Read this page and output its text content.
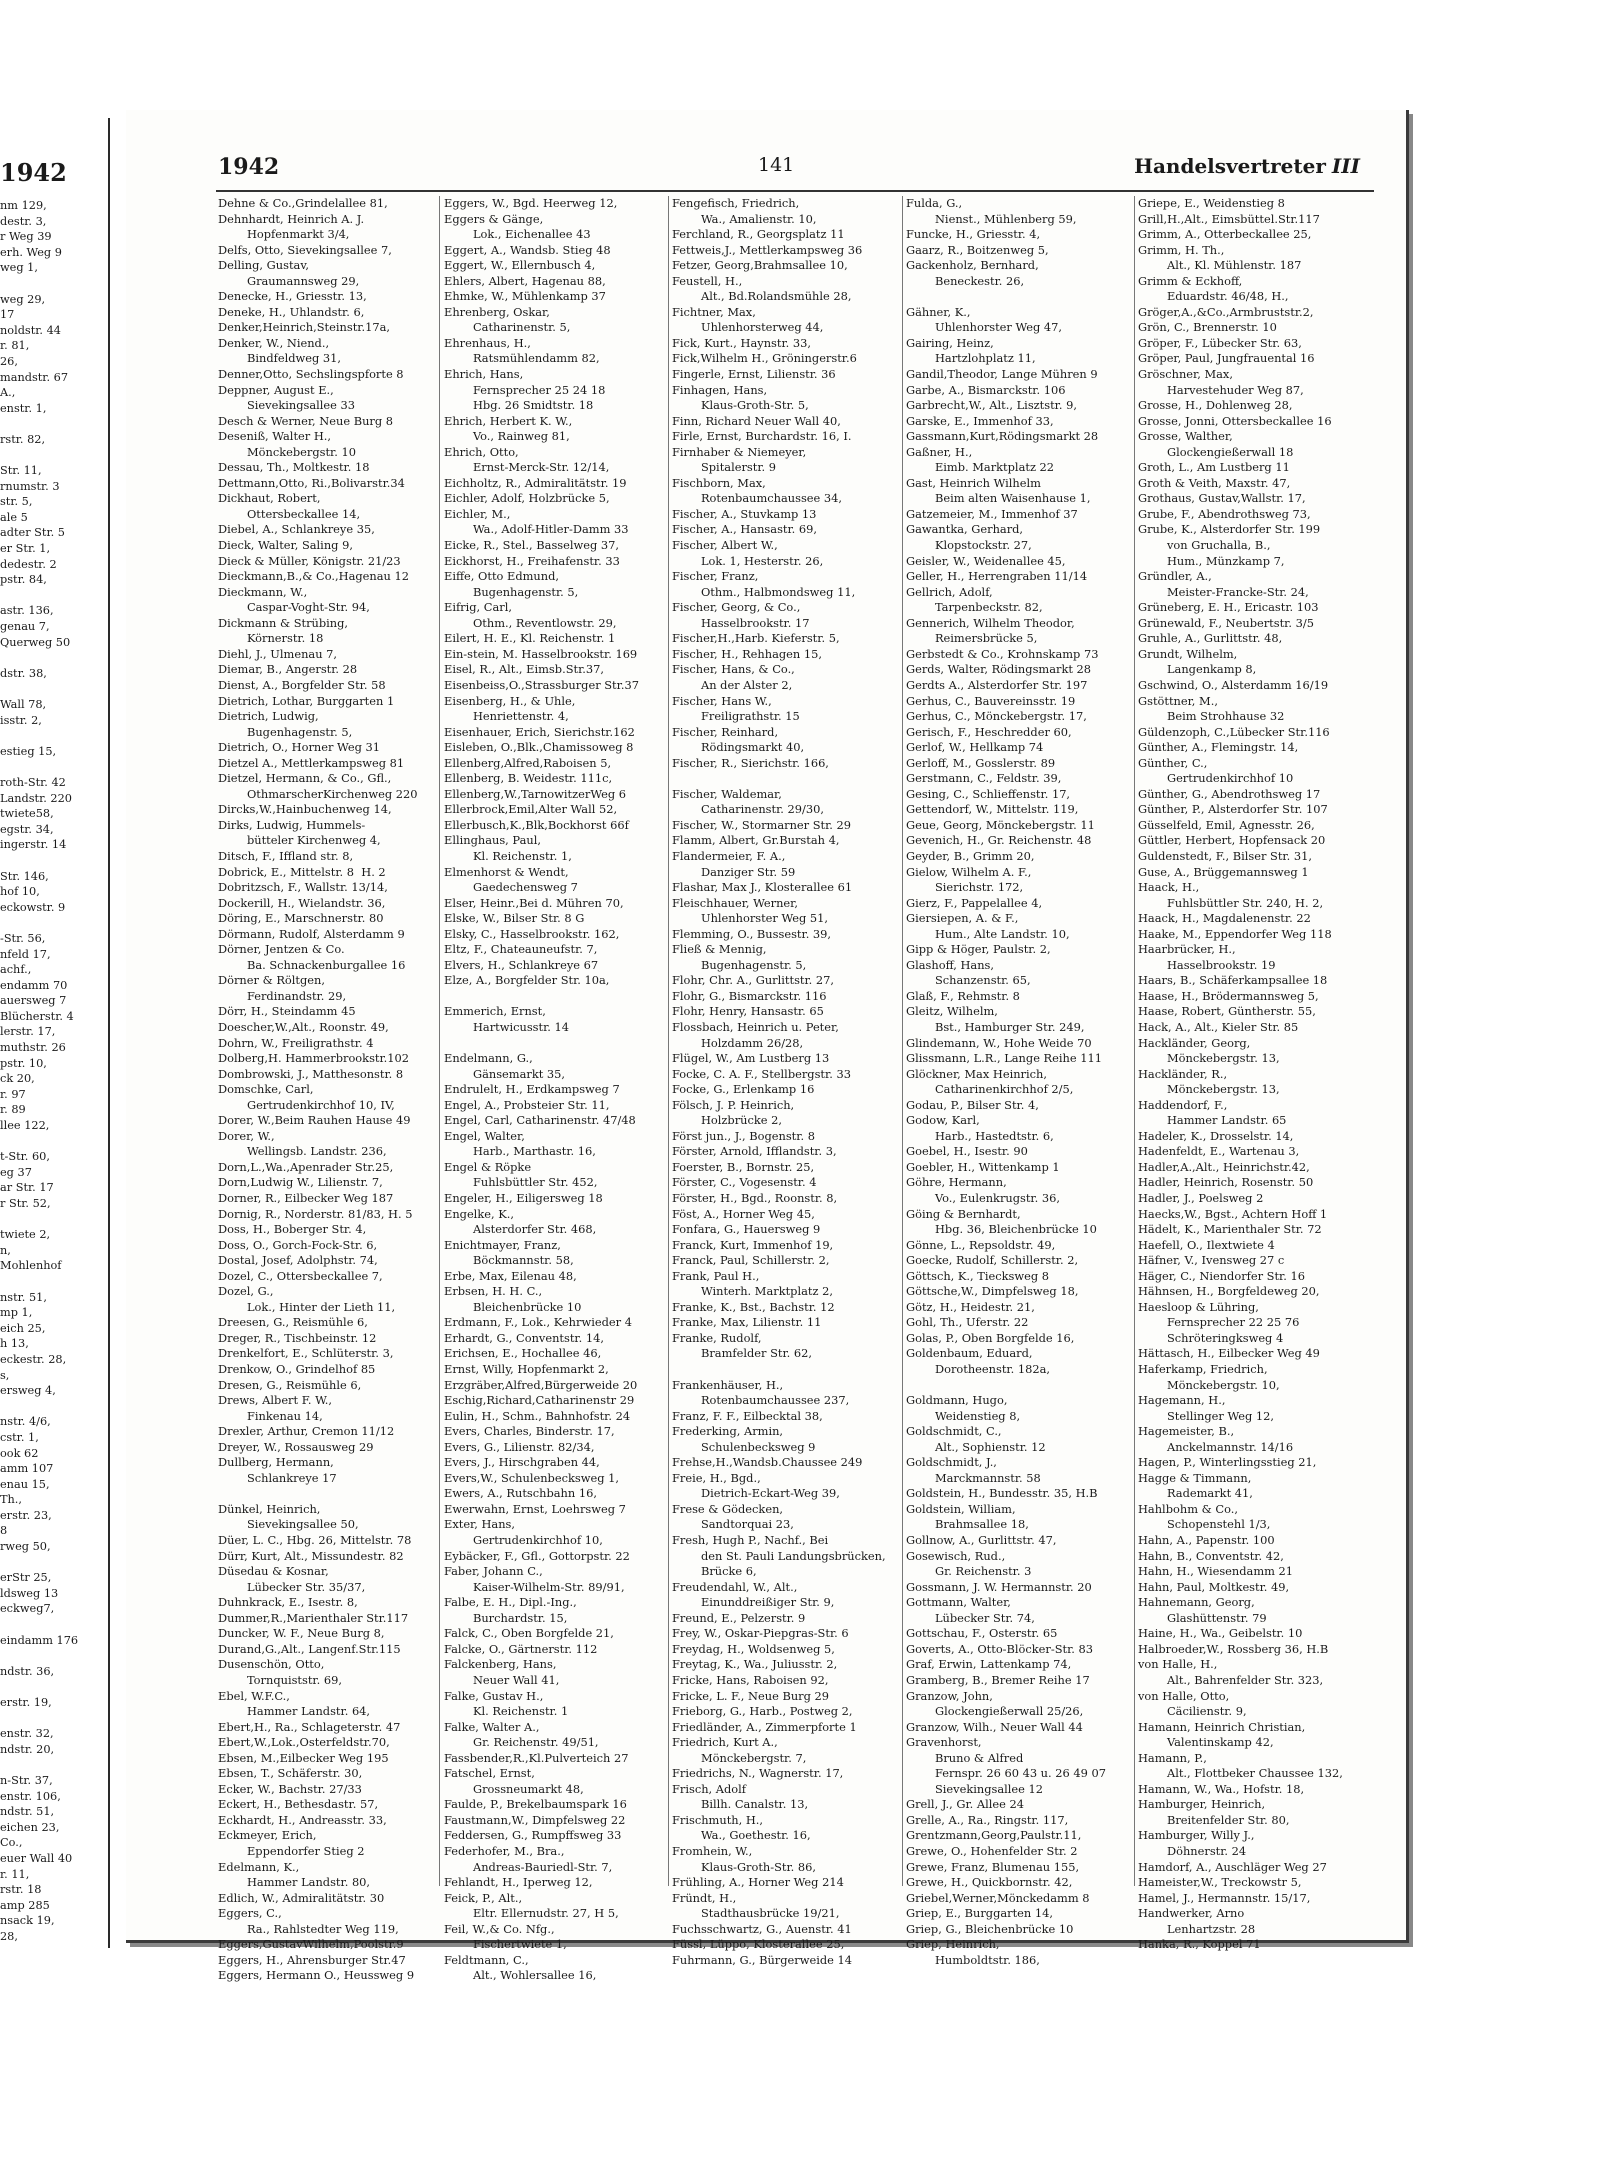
1942
nm 129,
destr. 3,
r Weg 39
erh. Weg 9
weg 1,

weg 29,
17
noldstr. 44
r. 81,
26,
mandstr. 67
A.,
enstr. 1,

rstr. 82,

Str. 11,
rnumstr. 3
str. 5,
ale 5
adter Str. 5
er Str. 1,
dedestr. 2
pstr. 84,

astr. 136,
genau 7,
Querweg 50

dstr. 38,

Wall 78,
isstr. 2,

estieg 15,

roth-Str. 42
Landstr. 220
twiete58,
egstr. 34,
ingerstr. 14

Str. 146,
hof 10,
eckowstr. 9

-Str. 56,
nfeld 17,
achf.,
endamm 70
auersweg 7
Blücherstr. 4
lerstr. 17,
muthstr. 26
pstr. 10,
ck 20,
r. 97
r. 89
llee 122,

t-Str. 60,
eg 37
ar Str. 17
r Str. 52,

twiete 2,
n,
Mohlenhof

nstr. 51,
mp 1,
eich 25,
h 13,
eckestr. 28,
s,
ersweg 4,

nstr. 4/6,
cstr. 1,
ook 62
amm 107
enau 15,
Th.,
erstr. 23,
8
rweg 50,

erStr 25,
ldsweg 13
eckweg7,

eindamm 176

ndstr. 36,

erstr. 19,

enstr. 32,
ndstr. 20,

n-Str. 37,
enstr. 106,
ndstr. 51,
eichen 23,
Co.,
euer Wall 40
r. 11,
rstr. 18
amp 285
nsack 19,
28,
1942	141	Handelsvertreter III
Dehne & Co.,Grindelallee 81,
Dehnhardt, Heinrich A. J.
Hopfenmarkt 3/4,
Delfs, Otto, Sievekingsallee 7,
Delling, Gustav,
Graumannsweg 29,
Denecke, H., Griesstr. 13,
Deneke, H., Uhlandstr. 6,
Denker,Heinrich,Steinstr.17a,
Denker, W., Niend.,
Bindfeldweg 31,
Denner,Otto, Sechslingspforte 8
Deppner, August E.,
Sievekingsallee 33
Desch & Werner, Neue Burg 8
Deseniß, Walter H.,
Mönckebergstr. 10
Dessau, Th., Moltkestr. 18
Dettmann,Otto, Ri.,Bolivarstr.34
Dickhaut, Robert,
Ottersbeckallee 14,
Diebel, A., Schlankreye 35,
Dieck, Walter, Saling 9,
Dieck & Müller, Königstr. 21/23
Dieckmann,B.,& Co.,Hagenau 12
Dieckmann, W.,
Caspar-Voght-Str. 94,
Dickmann & Strübing,
Körnerstr. 18
Diehl, J., Ulmenau 7,
Diemar, B., Angerstr. 28
Dienst, A., Borgfelder Str. 58
Dietrich, Lothar, Burggarten 1
Dietrich, Ludwig,
Bugenhagenstr. 5,
Dietrich, O., Horner Weg 31
Dietzel A., Mettlerkampsweg 81
Dietzel, Hermann, & Co., Gfl.,
OthmarscherKirchenweg 220
Dircks,W.,Hainbuchenweg 14,
Dirks, Ludwig, Hummels-
bütteler Kirchenweg 4,
Ditsch, F., Iffland str. 8,
Dobrick, E., Mittelstr. 8  H. 2
Dobritzsch, F., Wallstr. 13/14,
Dockerill, H., Wielandstr. 36,
Döring, E., Marschnerstr. 80
Dörmann, Rudolf, Alsterdamm 9
Dörner, Jentzen & Co.
Ba. Schnackenburgallee 16
Dörner & Röltgen,
Ferdinandstr. 29,
Dörr, H., Steindamm 45
Doescher,W.,Alt., Roonstr. 49,
Dohrn, W., Freiligrathstr. 4
Dolberg,H. Hammerbrookstr.102
Dombrowski, J., Matthesonstr. 8
Domschke, Carl,
Gertrudenkirchhof 10, IV,
Dorer, W.,Beim Rauhen Hause 49
Dorer, W.,
Wellingsb. Landstr. 236,
Dorn,L.,Wa.,Apenrader Str.25,
Dorn,Ludwig W., Lilienstr. 7,
Dorner, R., Eilbecker Weg 187
Dornig, R., Norderstr. 81/83, H. 5
Doss, H., Boberger Str. 4,
Doss, O., Gorch-Fock-Str. 6,
Dostal, Josef, Adolphstr. 74,
Dozel, C., Ottersbeckallee 7,
Dozel, G.,
Lok., Hinter der Lieth 11,
Dreesen, G., Reismühle 6,
Dreger, R., Tischbeinstr. 12
Drenkelfort, E., Schlüterstr. 3,
Drenkow, O., Grindelhof 85
Dresen, G., Reismühle 6,
Drews, Albert F. W.,
Finkenau 14,
Drexler, Arthur, Cremon 11/12
Dreyer, W., Rossausweg 29
Dullberg, Hermann,
Schlankreye 17

Dünkel, Heinrich,
Sievekingsallee 50,
Düer, L. C., Hbg. 26, Mittelstr. 78
Dürr, Kurt, Alt., Missundestr. 82
Düsedau & Kosnar,
Lübecker Str. 35/37,
Duhnkrack, E., Isestr. 8,
Dummer,R.,Marienthaler Str.117
Duncker, W. F., Neue Burg 8,
Durand,G.,Alt., Langenf.Str.115
Dusenschön, Otto,
Tornquiststr. 69,
Ebel, W.F.C.,
Hammer Landstr. 64,
Ebert,H., Ra., Schlageterstr. 47
Ebert,W.,Lok.,Osterfeldstr.70,
Ebsen, M.,Eilbecker Weg 195
Ebsen, T., Schäferstr. 30,
Ecker, W., Bachstr. 27/33
Eckert, H., Bethesdastr. 57,
Eckhardt, H., Andreasstr. 33,
Eckmeyer, Erich,
Eppendorfer Stieg 2
Edelmann, K.,
Hammer Landstr. 80,
Edlich, W., Admiralitätstr. 30
Eggers, C.,
Ra., Rahlstedter Weg 119,
Eggers,GustavWilhelm,Poolstr.9
Eggers, H., Ahrensburger Str.47
Eggers, Hermann O., Heussweg 9
Eggers, W., Bgd. Heerweg 12,
Eggers & Gänge,
Lok., Eichenallee 43
Eggert, A., Wandsb. Stieg 48
Eggert, W., Ellernbusch 4,
Ehlers, Albert, Hagenau 88,
Ehmke, W., Mühlenkamp 37
Ehrenberg, Oskar,
Catharinenstr. 5,
Ehrenhaus, H.,
Ratsmühlendamm 82,
Ehrich, Hans,
Fernsprecher 25 24 18
Hbg. 26 Smidtstr. 18
Ehrich, Herbert K. W.,
Vo., Rainweg 81,
Ehrich, Otto,
Ernst-Merck-Str. 12/14,
Eichholtz, R., Admiralitätstr. 19
Eichler, Adolf, Holzbrücke 5,
Eichler, M.,
Wa., Adolf-Hitler-Damm 33
Eicke, R., Stel., Basselweg 37,
Eickhorst, H., Freihafenstr. 33
Eiffe, Otto Edmund,
Bugenhagenstr. 5,
Eifrig, Carl,
Othm., Reventlowstr. 29,
Eilert, H. E., Kl. Reichenstr. 1
Ein-stein, M. Hasselbrookstr. 169
Eisel, R., Alt., Eimsb.Str.37,
Eisenbeiss,O.,Strassburger Str.37
Eisenberg, H., & Uhle,
Henriettenstr. 4,
Eisenhauer, Erich, Sierichstr.162
Eisleben, O.,Blk.,Chamissoweg 8
Ellenberg,Alfred,Raboisen 5,
Ellenberg, B. Weidestr. 111c,
Ellenberg,W.,TarnowitzerWeg 6
Ellerbrock,Emil,Alter Wall 52,
Ellerbusch,K.,Blk,Bockhorst 66f
Ellinghaus, Paul,
Kl. Reichenstr. 1,
Elmenhorst & Wendt,
Gaedechensweg 7
Elser, Heinr.,Bei d. Mühren 70,
Elske, W., Bilser Str. 8 G
Elsky, C., Hasselbrookstr. 162,
Eltz, F., Chateauneufstr. 7,
Elvers, H., Schlankreye 67
Elze, A., Borgfelder Str. 10a,

Emmerich, Ernst,
Hartwicusstr. 14

Endelmann, G.,
Gänsemarkt 35,
Endrulelt, H., Erdkampsweg 7
Engel, A., Probsteier Str. 11,
Engel, Carl, Catharinenstr. 47/48
Engel, Walter,
Harb., Marthastr. 16,
Engel & Röpke
Fuhlsbüttler Str. 452,
Engeler, H., Eiligersweg 18
Engelke, K.,
Alsterdorfer Str. 468,
Enichtmayer, Franz,
Böckmannstr. 58,
Erbe, Max, Eilenau 48,
Erbsen, H. H. C.,
Bleichenbrücke 10
Erdmann, F., Lok., Kehrwieder 4
Erhardt, G., Conventstr. 14,
Erichsen, E., Hochallee 46,
Ernst, Willy, Hopfenmarkt 2,
Erzgräber,Alfred,Bürgerweide 20
Eschig,Richard,Catharinenstr 29
Eulin, H., Schm., Bahnhofstr. 24
Evers, Charles, Binderstr. 17,
Evers, G., Lilienstr. 82/34,
Evers, J., Hirschgraben 44,
Evers,W., Schulenbecksweg 1,
Ewers, A., Rutschbahn 16,
Ewerwahn, Ernst, Loehrsweg 7
Exter, Hans,
Gertrudenkirchhof 10,
Eybäcker, F., Gfl., Gottorpstr. 22
Faber, Johann C.,
Kaiser-Wilhelm-Str. 89/91,
Falbe, E. H., Dipl.-Ing.,
Burchardstr. 15,
Falck, C., Oben Borgfelde 21,
Falcke, O., Gärtnerstr. 112
Falckenberg, Hans,
Neuer Wall 41,
Falke, Gustav H.,
Kl. Reichenstr. 1
Falke, Walter A.,
Gr. Reichenstr. 49/51,
Fassbender,R.,Kl.Pulverteich 27
Fatschel, Ernst,
Grossneumarkt 48,
Faulde, P., Brekelbaumspark 16
Faustmann,W., Dimpfelsweg 22
Feddersen, G., Rumpffsweg 33
Federhofer, M., Bra.,
Andreas-Bauriedl-Str. 7,
Fehlandt, H., Iperweg 12,
Feick, P., Alt.,
Eltr. Ellernudstr. 27, H 5,
Feil, W.,& Co. Nfg.,
Fischertwiete 1,
Feldtmann, C.,
Alt., Wohlersallee 16,
Fengefisch, Friedrich,
Wa., Amalienstr. 10,
Ferchland, R., Georgsplatz 11
Fettweis,J., Mettlerkampsweg 36
Fetzer, Georg,Brahmsallee 10,
Feustell, H.,
Alt., Bd.Rolandsmühle 28,
Fichtner, Max,
Uhlenhorsterweg 44,
Fick, Kurt., Haynstr. 33,
Fick,Wilhelm H., Gröningerstr.6
Fingerle, Ernst, Lilienstr. 36
Finhagen, Hans,
Klaus-Groth-Str. 5,
Finn, Richard Neuer Wall 40,
Firle, Ernst, Burchardstr. 16, I.
Firnhaber & Niemeyer,
Spitalerstr. 9
Fischborn, Max,
Rotenbaumchaussee 34,
Fischer, A., Stuvkamp 13
Fischer, A., Hansastr. 69,
Fischer, Albert W.,
Lok. 1, Hesterstr. 26,
Fischer, Franz,
Othm., Halbmondsweg 11,
Fischer, Georg, & Co.,
Hasselbrookstr. 17
Fischer,H.,Harb. Kieferstr. 5,
Fischer, H., Rehhagen 15,
Fischer, Hans, & Co.,
An der Alster 2,
Fischer, Hans W.,
Freiligrathstr. 15
Fischer, Reinhard,
Rödingsmarkt 40,
Fischer, R., Sierichstr. 166,

Fischer, Waldemar,
Catharinenstr. 29/30,
Fischer, W., Stormarner Str. 29
Flamm, Albert, Gr.Burstah 4,
Flandermeier, F. A.,
Danziger Str. 59
Flashar, Max J., Klosterallee 61
Fleischhauer, Werner,
Uhlenhorster Weg 51,
Flemming, O., Bussestr. 39,
Fließ & Mennig,
Bugenhagenstr. 5,
Flohr, Chr. A., Gurlittstr. 27,
Flohr, G., Bismarckstr. 116
Flohr, Henry, Hansastr. 65
Flossbach, Heinrich u. Peter,
Holzdamm 26/28,
Flügel, W., Am Lustberg 13
Focke, C. A. F., Stellbergstr. 33
Focke, G., Erlenkamp 16
Fölsch, J. P. Heinrich,
Holzbrücke 2,
Först jun., J., Bogenstr. 8
Förster, Arnold, Ifflandstr. 3,
Foerster, B., Bornstr. 25,
Förster, C., Vogesenstr. 4
Förster, H., Bgd., Roonstr. 8,
Föst, A., Horner Weg 45,
Fonfara, G., Hauersweg 9
Franck, Kurt, Immenhof 19,
Franck, Paul, Schillerstr. 2,
Frank, Paul H.,
Winterh. Marktplatz 2,
Franke, K., Bst., Bachstr. 12
Franke, Max, Lilienstr. 11
Franke, Rudolf,
Bramfelder Str. 62,

Frankenhäuser, H.,
Rotenbaumchaussee 237,
Franz, F. F., Eilbecktal 38,
Frederking, Armin,
Schulenbecksweg 9
Frehse,H.,Wandsb.Chaussee 249
Freie, H., Bgd.,
Dietrich-Eckart-Weg 39,
Frese & Gödecken,
Sandtorquai 23,
Fresh, Hugh P., Nachf., Bei
den St. Pauli Landungsbrücken,
Brücke 6,
Freudendahl, W., Alt.,
Einunddreißiger Str. 9,
Freund, E., Pelzerstr. 9
Frey, W., Oskar-Piepgras-Str. 6
Freydag, H., Woldsenweg 5,
Freytag, K., Wa., Juliusstr. 2,
Fricke, Hans, Raboisen 92,
Fricke, L. F., Neue Burg 29
Frieborg, G., Harb., Postweg 2,
Friedländer, A., Zimmerpforte 1
Friedrich, Kurt A.,
Mönckebergstr. 7,
Friedrichs, N., Wagnerstr. 17,
Frisch, Adolf
Billh. Canalstr. 13,
Frischmuth, H.,
Wa., Goethestr. 16,
Fromhein, W.,
Klaus-Groth-Str. 86,
Frühling, A., Horner Weg 214
Fründt, H.,
Stadthausbrücke 19/21,
Fuchsschwartz, G., Auenstr. 41
Füssl, Lüppo, Klosterallee 25,
Fuhrmann, G., Bürgerweide 14
Fulda, G.,
Nienst., Mühlenberg 59,
Funcke, H., Griesstr. 4,
Gaarz, R., Boitzenweg 5,
Gackenholz, Bernhard,
Beneckestr. 26,

Gähner, K.,
Uhlenhorster Weg 47,
Gairing, Heinz,
Hartzlohplatz 11,
Gandil,Theodor, Lange Mühren 9
Garbe, A., Bismarckstr. 106
Garbrecht,W., Alt., Lisztstr. 9,
Garske, E., Immenhof 33,
Gassmann,Kurt,Rödingsmarkt 28
Gaßner, H.,
Eimb. Marktplatz 22
Gast, Heinrich Wilhelm
Beim alten Waisenhause 1,
Gatzemeier, M., Immenhof 37
Gawantka, Gerhard,
Klopstockstr. 27,
Geisler, W., Weidenallee 45,
Geller, H., Herrengraben 11/14
Gellrich, Adolf,
Tarpenbeckstr. 82,
Gennerich, Wilhelm Theodor,
Reimersbrücke 5,
Gerbstedt & Co., Krohnskamp 73
Gerds, Walter, Rödingsmarkt 28
Gerdts A., Alsterdorfer Str. 197
Gerhus, C., Bauvereinsstr. 19
Gerhus, C., Mönckebergstr. 17,
Gerisch, F., Heschredder 60,
Gerlof, W., Hellkamp 74
Gerloff, M., Gosslerstr. 89
Gerstmann, C., Feldstr. 39,
Gesing, C., Schlieffenstr. 17,
Gettendorf, W., Mittelstr. 119,
Geue, Georg, Mönckebergstr. 11
Gevenich, H., Gr. Reichenstr. 48
Geyder, B., Grimm 20,
Gielow, Wilhelm A. F.,
Sierichstr. 172,
Gierz, F., Pappelallee 4,
Giersiepen, A. & F.,
Hum., Alte Landstr. 10,
Gipp & Höger, Paulstr. 2,
Glashoff, Hans,
Schanzenstr. 65,
Glaß, F., Rehmstr. 8
Gleitz, Wilhelm,
Bst., Hamburger Str. 249,
Glindemann, W., Hohe Weide 70
Glissmann, L.R., Lange Reihe 111
Glöckner, Max Heinrich,
Catharinenkirchhof 2/5,
Godau, P., Bilser Str. 4,
Godow, Karl,
Harb., Hastedtstr. 6,
Goebel, H., Isestr. 90
Goebler, H., Wittenkamp 1
Göhre, Hermann,
Vo., Eulenkrugstr. 36,
Göing & Bernhardt,
Hbg. 36, Bleichenbrücke 10
Gönne, L., Repsoldstr. 49,
Goecke, Rudolf, Schillerstr. 2,
Göttsch, K., Tiecksweg 8
Göttsche,W., Dimpfelsweg 18,
Götz, H., Heidestr. 21,
Gohl, Th., Uferstr. 22
Golas, P., Oben Borgfelde 16,
Goldenbaum, Eduard,
Dorotheenstr. 182a,

Goldmann, Hugo,
Weidenstieg 8,
Goldschmidt, C.,
Alt., Sophienstr. 12
Goldschmidt, J.,
Marckmannstr. 58
Goldstein, H., Bundesstr. 35, H.B
Goldstein, William,
Brahmsallee 18,
Gollnow, A., Gurlittstr. 47,
Gosewisch, Rud.,
Gr. Reichenstr. 3
Gossmann, J. W. Hermannstr. 20
Gottmann, Walter,
Lübecker Str. 74,
Gottschau, F., Osterstr. 65
Goverts, A., Otto-Blöcker-Str. 83
Graf, Erwin, Lattenkamp 74,
Gramberg, B., Bremer Reihe 17
Granzow, John,
Glockengießerwall 25/26,
Granzow, Wilh., Neuer Wall 44
Gravenhorst,
Bruno & Alfred
Fernspr. 26 60 43 u. 26 49 07
Sievekingsallee 12
Grell, J., Gr. Allee 24
Grelle, A., Ra., Ringstr. 117,
Grentzmann,Georg,Paulstr.11,
Grewe, O., Hohenfelder Str. 2
Grewe, Franz, Blumenau 155,
Grewe, H., Quickbornstr. 42,
Griebel,Werner,Mönckedamm 8
Griep, E., Burggarten 14,
Griep, G., Bleichenbrücke 10
Griep, Heinrich,
Humboldtstr. 186,
Griepe, E., Weidenstieg 8
Grill,H.,Alt., Eimsbüttel.Str.117
Grimm, A., Otterbeckallee 25,
Grimm, H. Th.,
Alt., Kl. Mühlenstr. 187
Grimm & Eckhoff,
Eduardstr. 46/48, H.,
Gröger,A.,&Co.,Armbruststr.2,
Grön, C., Brennerstr. 10
Gröper, F., Lübecker Str. 63,
Gröper, Paul, Jungfrauental 16
Gröschner, Max,
Harvestehuder Weg 87,
Grosse, H., Dohlenweg 28,
Grosse, Jonni, Ottersbeckallee 16
Grosse, Walther,
Glockengießerwall 18
Groth, L., Am Lustberg 11
Groth & Veith, Maxstr. 47,
Grothaus, Gustav,Wallstr. 17,
Grube, F., Abendrothsweg 73,
Grube, K., Alsterdorfer Str. 199
von Gruchalla, B.,
Hum., Münzkamp 7,
Gründler, A.,
Meister-Francke-Str. 24,
Grüneberg, E. H., Ericastr. 103
Grünewald, F., Neubertstr. 3/5
Gruhle, A., Gurlittstr. 48,
Grundt, Wilhelm,
Langenkamp 8,
Gschwind, O., Alsterdamm 16/19
Gstöttner, M.,
Beim Strohhause 32
Güldenzoph, C.,Lübecker Str.116
Günther, A., Flemingstr. 14,
Günther, C.,
Gertrudenkirchhof 10
Günther, G., Abendrothsweg 17
Günther, P., Alsterdorfer Str. 107
Güsselfeld, Emil, Agnesstr. 26,
Güttler, Herbert, Hopfensack 20
Guldenstedt, F., Bilser Str. 31,
Guse, A., Brüggemannsweg 1
Haack, H.,
Fuhlsbüttler Str. 240, H. 2,
Haack, H., Magdalenenstr. 22
Haake, M., Eppendorfer Weg 118
Haarbrücker, H.,
Hasselbrookstr. 19
Haars, B., Schäferkampsallee 18
Haase, H., Brödermannsweg 5,
Haase, Robert, Güntherstr. 55,
Hack, A., Alt., Kieler Str. 85
Hackländer, Georg,
Mönckebergstr. 13,
Hackländer, R.,
Mönckebergstr. 13,
Haddendorf, F.,
Hammer Landstr. 65
Hadeler, K., Drosselstr. 14,
Hadenfeldt, E., Wartenau 3,
Hadler,A.,Alt., Heinrichstr.42,
Hadler, Heinrich, Rosenstr. 50
Hadler, J., Poelsweg 2
Haecks,W., Bgst., Achtern Hoff 1
Hädelt, K., Marienthaler Str. 72
Haefell, O., Ilextwiete 4
Häfner, V., Ivensweg 27 c
Häger, C., Niendorfer Str. 16
Hähnsen, H., Borgfeldeweg 20,
Haesloop & Lühring,
Fernsprecher 22 25 76
Schröteringksweg 4
Hättasch, H., Eilbecker Weg 49
Haferkamp, Friedrich,
Mönckebergstr. 10,
Hagemann, H.,
Stellinger Weg 12,
Hagemeister, B.,
Anckelmannstr. 14/16
Hagen, P., Winterlingsstieg 21,
Hagge & Timmann,
Rademarkt 41,
Hahlbohm & Co.,
Schopenstehl 1/3,
Hahn, A., Papenstr. 100
Hahn, B., Conventstr. 42,
Hahn, H., Wiesendamm 21
Hahn, Paul, Moltkestr. 49,
Hahnemann, Georg,
Glashüttenstr. 79
Haine, H., Wa., Geibelstr. 10
Halbroeder,W., Rossberg 36, H.B
von Halle, H.,
Alt., Bahrenfelder Str. 323,
von Halle, Otto,
Cäcilienstr. 9,
Hamann, Heinrich Christian,
Valentinskamp 42,
Hamann, P.,
Alt., Flottbeker Chaussee 132,
Hamann, W., Wa., Hofstr. 18,
Hamburger, Heinrich,
Breitenfelder Str. 80,
Hamburger, Willy J.,
Döhnerstr. 24
Hamdorf, A., Auschläger Weg 27
Hameister,W., Treckowstr 5,
Hamel, J., Hermannstr. 15/17,
Handwerker, Arno
Lenhartzstr. 28
Hanka, R., Koppel 71
